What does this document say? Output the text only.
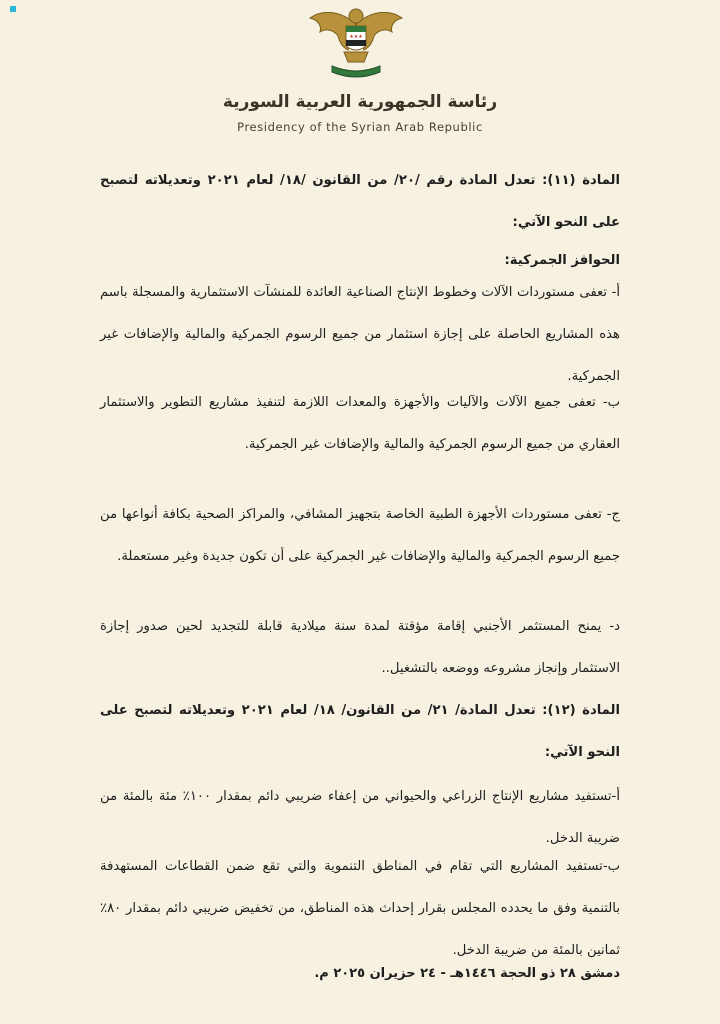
★★★
رئاسة الجمهورية العربية السورية
Presidency of the Syrian Arab Republic
المادة (١١): تعدل المادة رقم /٢٠/ من القانون /١٨/ لعام ٢٠٢١ وتعديلاته لتصبح على النحو الآتي:
الحوافز الجمركية:
أ- تعفى مستوردات الآلات وخطوط الإنتاج الصناعية العائدة للمنشآت الاستثمارية والمسجلة باسم هذه المشاريع الحاصلة على إجازة استثمار من جميع الرسوم الجمركية والمالية والإضافات غير الجمركية.
ب- تعفى جميع الآلات والآليات والأجهزة والمعدات اللازمة لتنفيذ مشاريع التطوير والاستثمار العقاري من جميع الرسوم الجمركية والمالية والإضافات غير الجمركية.
ج- تعفى مستوردات الأجهزة الطبية الخاصة بتجهيز المشافي، والمراكز الصحية بكافة أنواعها من جميع الرسوم الجمركية والمالية والإضافات غير الجمركية على أن تكون جديدة وغير مستعملة.
د- يمنح المستثمر الأجنبي إقامة مؤقتة لمدة سنة ميلادية قابلة للتجديد لحين صدور إجازة الاستثمار وإنجاز مشروعه ووضعه بالتشغيل..
المادة (١٢): تعدل المادة/ ٢١/ من القانون/ ١٨/ لعام ٢٠٢١ وتعديلاته لتصبح على النحو الآتي:
أ-تستفيد مشاريع الإنتاج الزراعي والحيواني من إعفاء ضريبي دائم بمقدار ١٠٠٪ مئة بالمئة من ضريبة الدخل.
ب-تستفيد المشاريع التي تقام في المناطق التنموية والتي تقع ضمن القطاعات المستهدفة بالتنمية وفق ما يحدده المجلس بقرار إحداث هذه المناطق، من تخفيض ضريبي دائم بمقدار ٨٠٪ ثمانين بالمئة من ضريبة الدخل.
دمشق ٢٨ ذو الحجة ١٤٤٦هـ - ٢٤ حزيران ٢٠٢٥ م.
